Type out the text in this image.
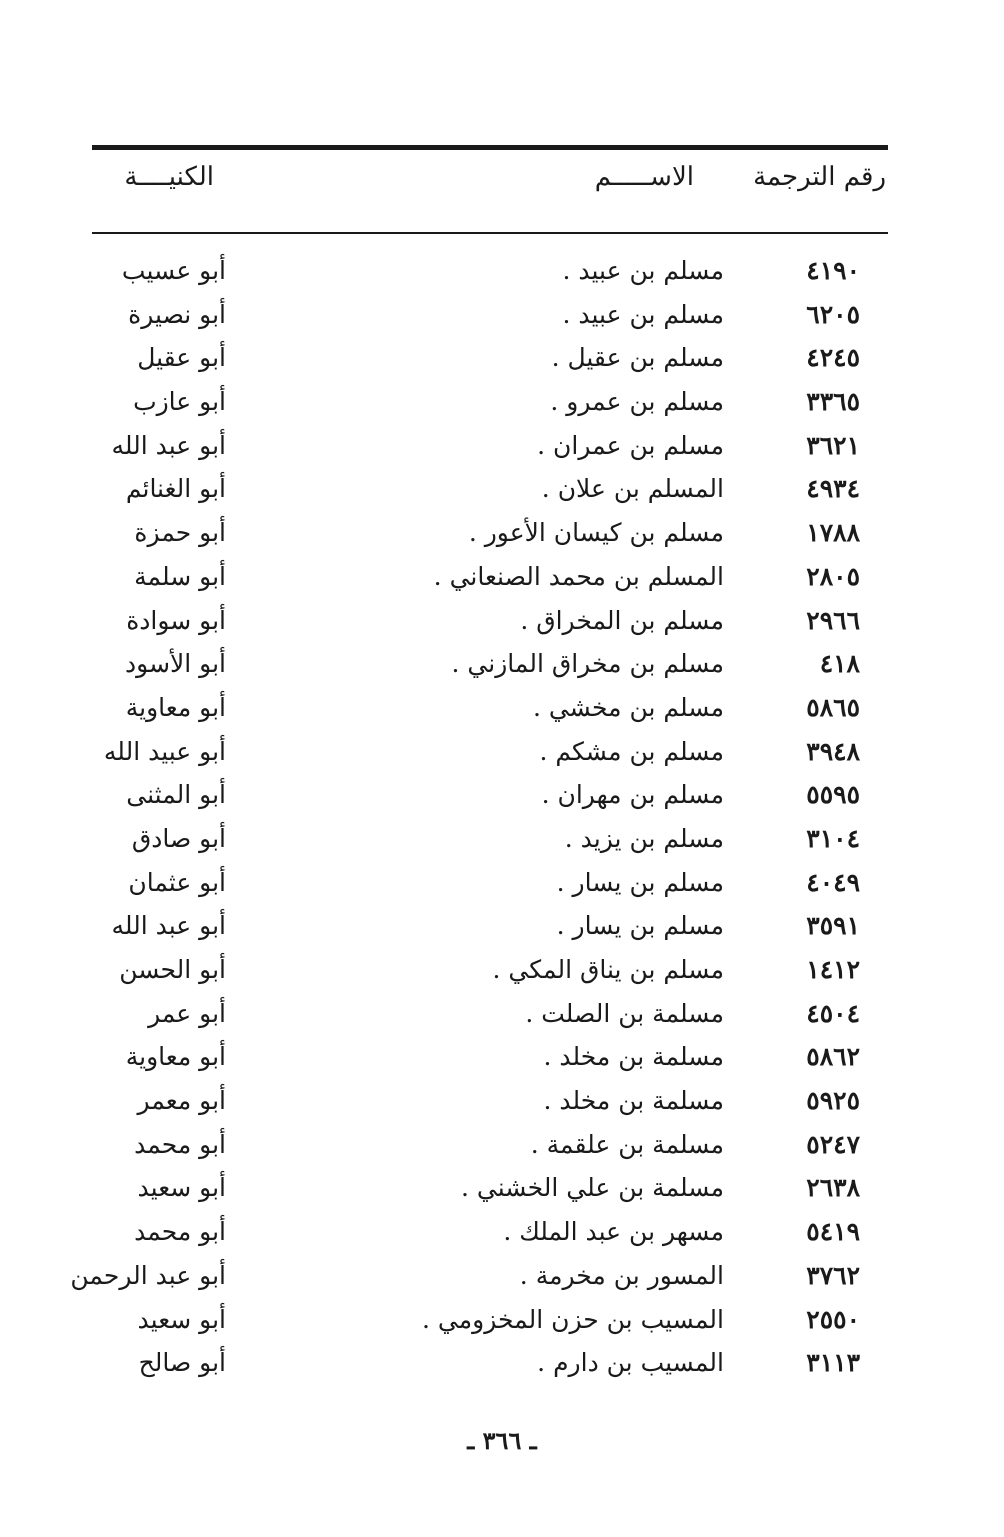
رقم الترجمة
الاســـــم
الكنيــــة
٤١٩٠
مسلم بن عبيد .
أبو عسيب
٦٢٠٥
مسلم بن عبيد .
أبو نصيرة
٤٢٤٥
مسلم بن عقيل .
أبو عقيل
٣٣٦٥
مسلم بن عمرو .
أبو عازب
٣٦٢١
مسلم بن عمران .
أبو عبد الله
٤٩٣٤
المسلم بن علان .
أبو الغنائم
١٧٨٨
مسلم بن كيسان الأعور .
أبو حمزة
٢٨٠٥
المسلم بن محمد الصنعاني .
أبو سلمة
٢٩٦٦
مسلم بن المخراق .
أبو سوادة
٤١٨
مسلم بن مخراق المازني .
أبو الأسود
٥٨٦٥
مسلم بن مخشي .
أبو معاوية
٣٩٤٨
مسلم بن مشكم .
أبو عبيد الله
٥٥٩٥
مسلم بن مهران .
أبو المثنى
٣١٠٤
مسلم بن يزيد .
أبو صادق
٤٠٤٩
مسلم بن يسار .
أبو عثمان
٣٥٩١
مسلم بن يسار .
أبو عبد الله
١٤١٢
مسلم بن يناق المكي .
أبو الحسن
٤٥٠٤
مسلمة بن الصلت .
أبو عمر
٥٨٦٢
مسلمة بن مخلد .
أبو معاوية
٥٩٢٥
مسلمة بن مخلد .
أبو معمر
٥٢٤٧
مسلمة بن علقمة .
أبو محمد
٢٦٣٨
مسلمة بن علي الخشني .
أبو سعيد
٥٤١٩
مسهر بن عبد الملك .
أبو محمد
٣٧٦٢
المسور بن مخرمة .
أبو عبد الرحمن
٢٥٥٠
المسيب بن حزن المخزومي .
أبو سعيد
٣١١٣
المسيب بن دارم .
أبو صالح
ـ ٣٦٦ ـ
